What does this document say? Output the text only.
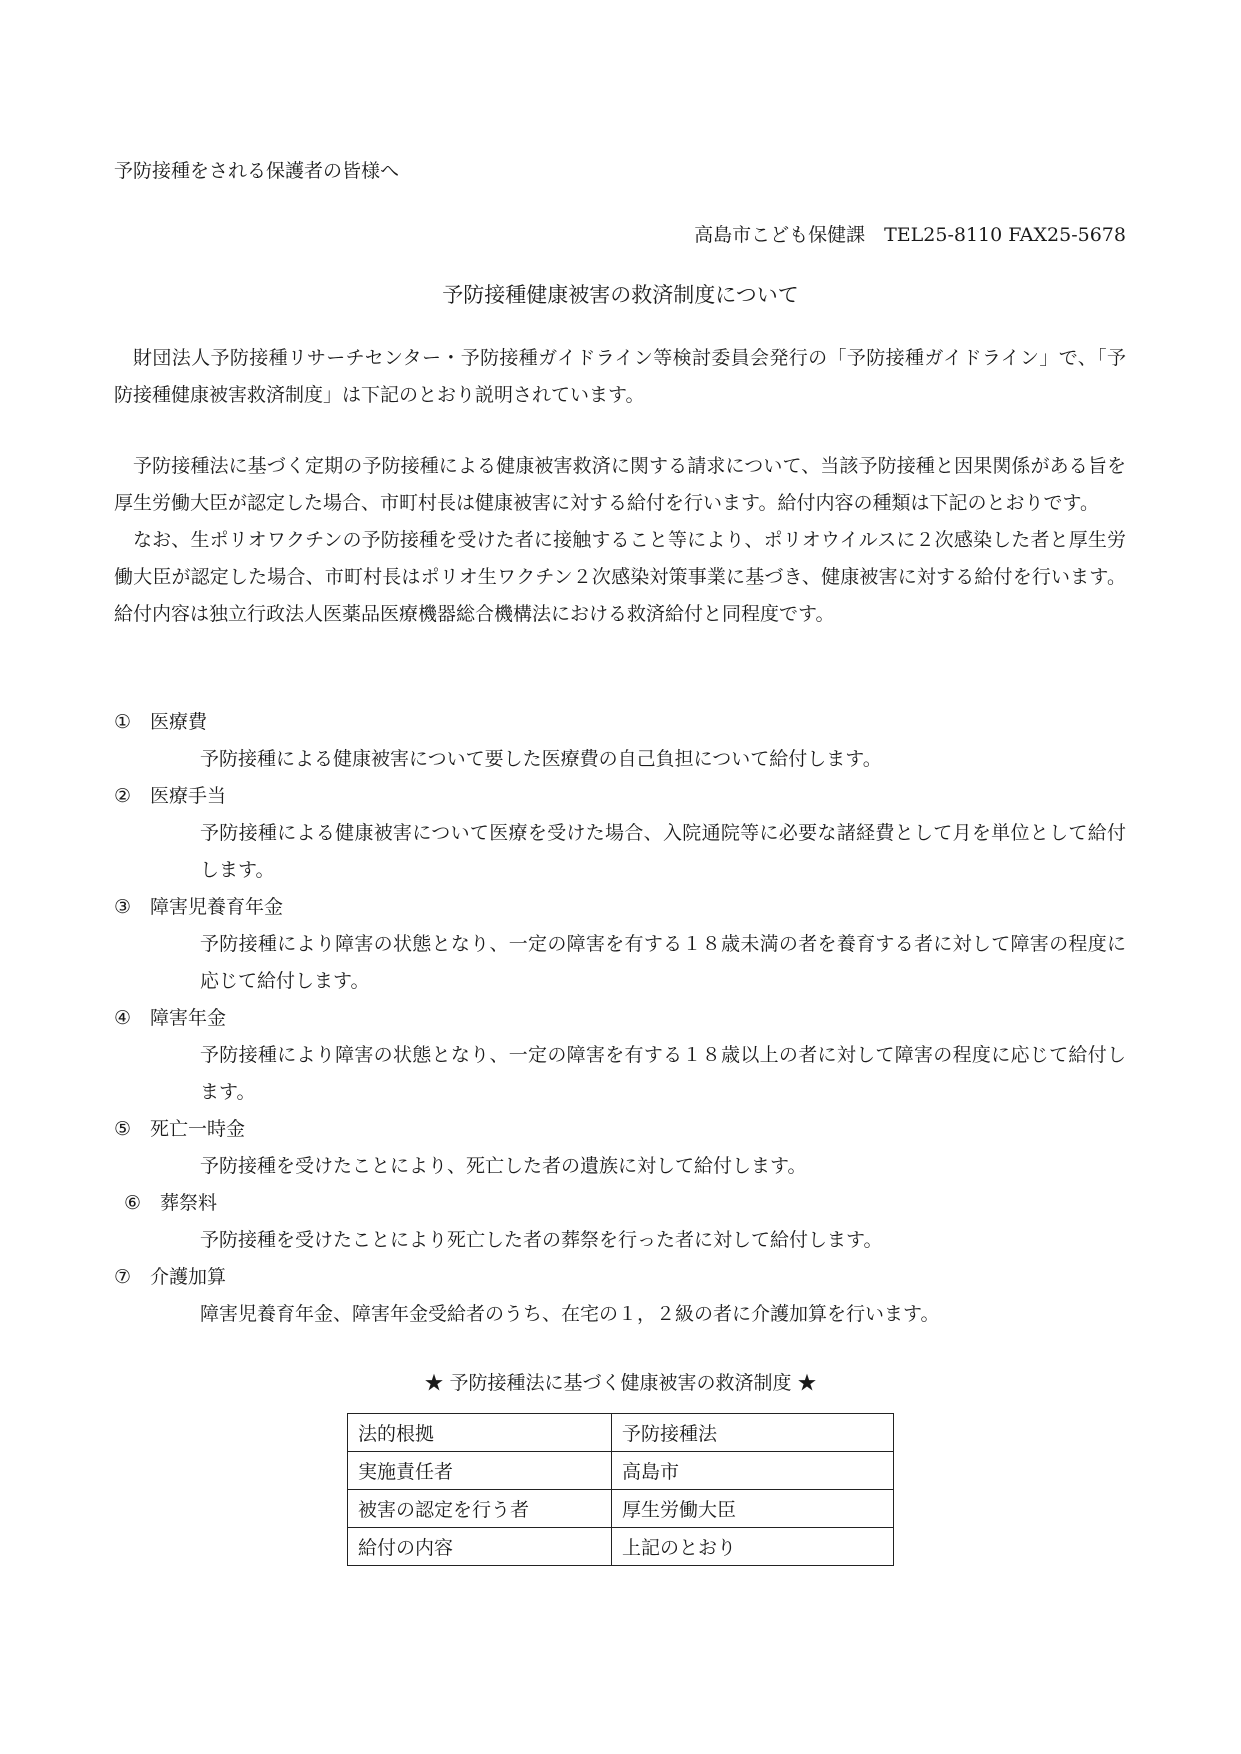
予防接種をされる保護者の皆様へ
高島市こども保健課　TEL25-8110 FAX25-5678
予防接種健康被害の救済制度について

財団法人予防接種リサーチセンター・予防接種ガイドライン等検討委員会発行の「予防接種ガイドライン」で、「予防接種健康被害救済制度」は下記のとおり説明されています。

予防接種法に基づく定期の予防接種による健康被害救済に関する請求について、当該予防接種と因果関係がある旨を厚生労働大臣が認定した場合、市町村長は健康被害に対する給付を行います。給付内容の種類は下記のとおりです。

なお、生ポリオワクチンの予防接種を受けた者に接触すること等により、ポリオウイルスに２次感染した者と厚生労働大臣が認定した場合、市町村長はポリオ生ワクチン２次感染対策事業に基づき、健康被害に対する給付を行います。給付内容は独立行政法人医薬品医療機器総合機構法における救済給付と同程度です。

① 医療費
予防接種による健康被害について要した医療費の自己負担について給付します。
② 医療手当
予防接種による健康被害について医療を受けた場合、入院通院等に必要な諸経費として月を単位として給付します。
③ 障害児養育年金
予防接種により障害の状態となり、一定の障害を有する１８歳未満の者を養育する者に対して障害の程度に応じて給付します。
④ 障害年金
予防接種により障害の状態となり、一定の障害を有する１８歳以上の者に対して障害の程度に応じて給付します。
⑤ 死亡一時金
予防接種を受けたことにより、死亡した者の遺族に対して給付します。
⑥ 葬祭料
予防接種を受けたことにより死亡した者の葬祭を行った者に対して給付します。
⑦ 介護加算
障害児養育年金、障害年金受給者のうち、在宅の１，２級の者に介護加算を行います。
★ 予防接種法に基づく健康被害の救済制度 ★
法的根拠	予防接種法
実施責任者	高島市
被害の認定を行う者	厚生労働大臣
給付の内容	上記のとおり
